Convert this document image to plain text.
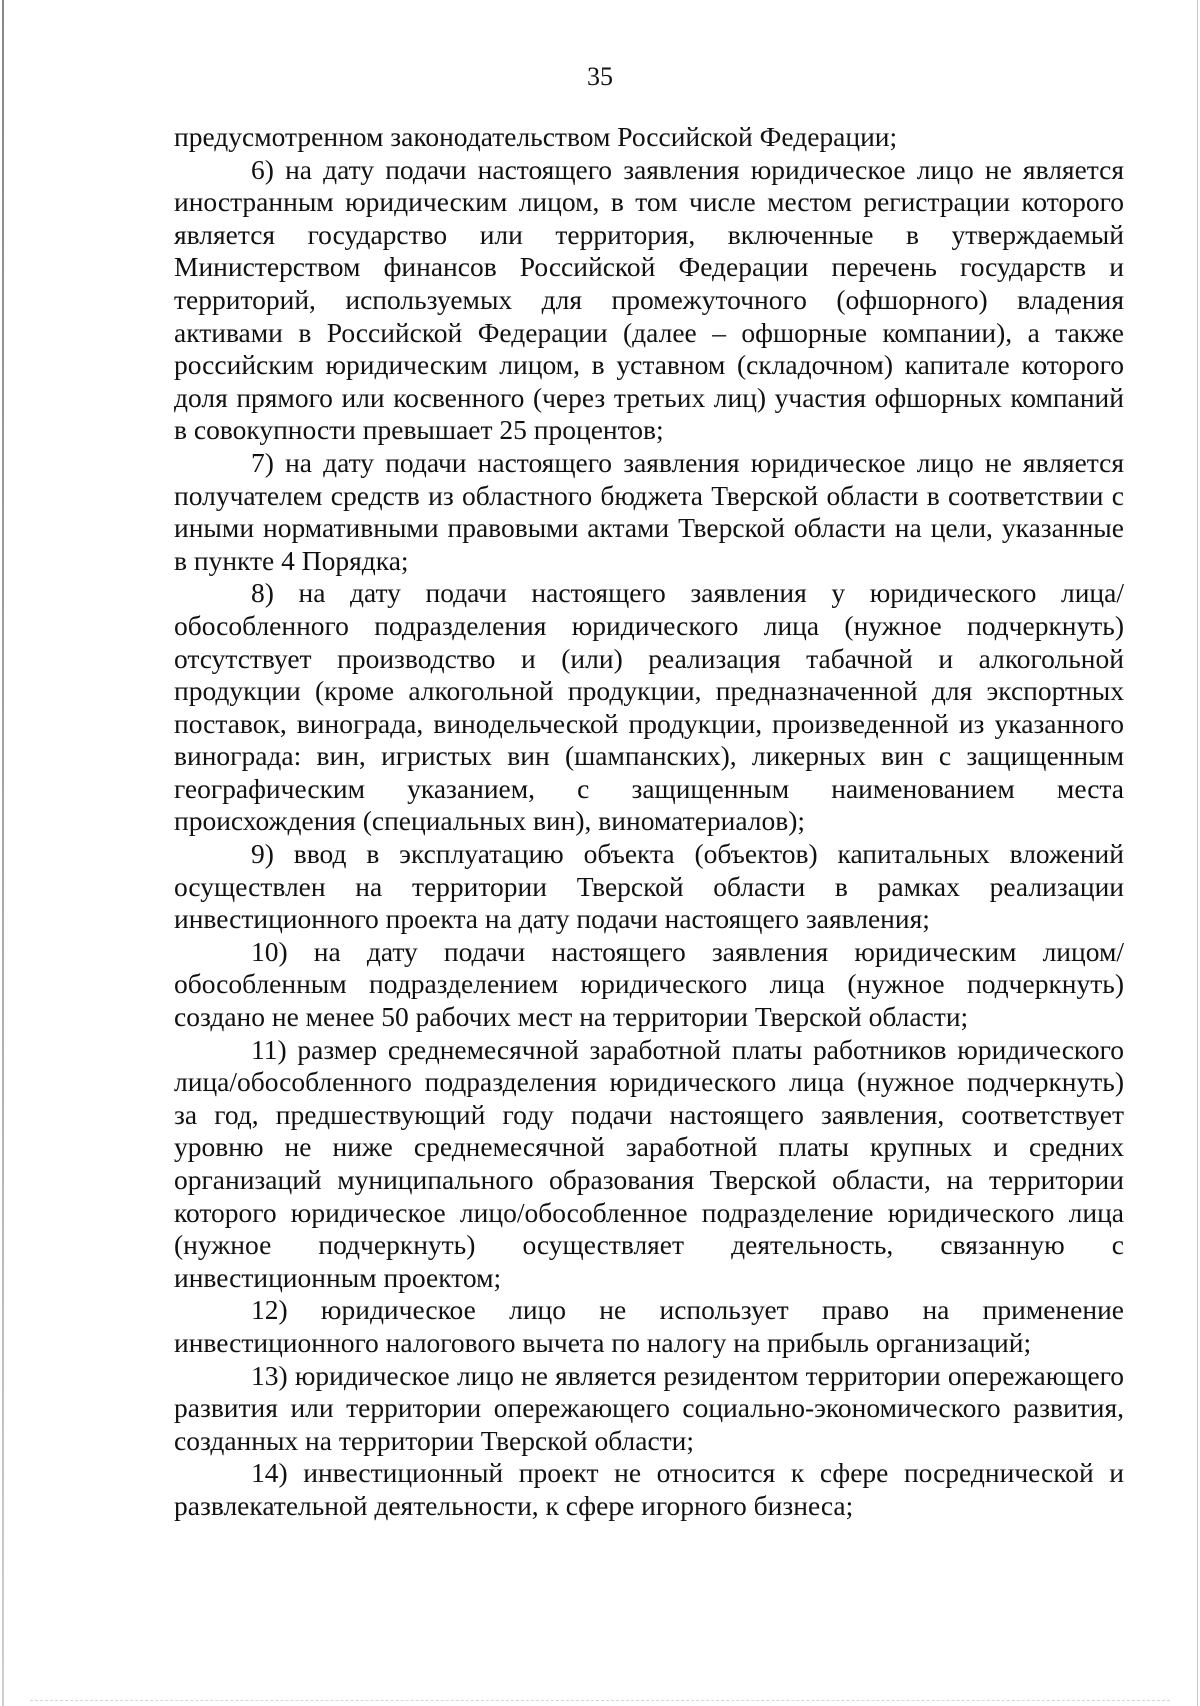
35

предусмотренном законодательством Российской Федерации;

6) на дату подачи настоящего заявления юридическое лицо не является иностранным юридическим лицом, в том числе местом регистрации которого является государство или территория, включенные в утверждаемый Министерством финансов Российской Федерации перечень государств и территорий, используемых для промежуточного (офшорного) владения активами в Российской Федерации (далее – офшорные компании), а также российским юридическим лицом, в уставном (складочном) капитале которого доля прямого или косвенного (через третьих лиц) участия офшорных компаний в совокупности превышает 25 процентов;

7) на дату подачи настоящего заявления юридическое лицо не является получателем средств из областного бюджета Тверской области в соответствии с иными нормативными правовыми актами Тверской области на цели, указанные в пункте 4 Порядка;

8) на дату подачи настоящего заявления у юридического лица/обособленного подразделения юридического лица (нужное подчеркнуть) отсутствует производство и (или) реализация табачной и алкогольной продукции (кроме алкогольной продукции, предназначенной для экспортных поставок, винограда, винодельческой продукции, произведенной из указанного винограда: вин, игристых вин (шампанских), ликерных вин с защищенным географическим указанием, с защищенным наименованием места происхождения (специальных вин), виноматериалов);

9) ввод в эксплуатацию объекта (объектов) капитальных вложений осуществлен на территории Тверской области в рамках реализации инвестиционного проекта на дату подачи настоящего заявления;

10) на дату подачи настоящего заявления юридическим лицом/обособленным подразделением юридического лица (нужное подчеркнуть) создано не менее 50 рабочих мест на территории Тверской области;

11) размер среднемесячной заработной платы работников юридического лица/обособленного подразделения юридического лица (нужное подчеркнуть) за год, предшествующий году подачи настоящего заявления, соответствует уровню не ниже среднемесячной заработной платы крупных и средних организаций муниципального образования Тверской области, на территории которого юридическое лицо/обособленное подразделение юридического лица (нужное подчеркнуть) осуществляет деятельность, связанную с инвестиционным проектом;

12) юридическое лицо не использует право на применение инвестиционного налогового вычета по налогу на прибыль организаций;

13) юридическое лицо не является резидентом территории опережающего развития или территории опережающего социально-экономического развития, созданных на территории Тверской области;

14) инвестиционный проект не относится к сфере посреднической и развлекательной деятельности, к сфере игорного бизнеса;
